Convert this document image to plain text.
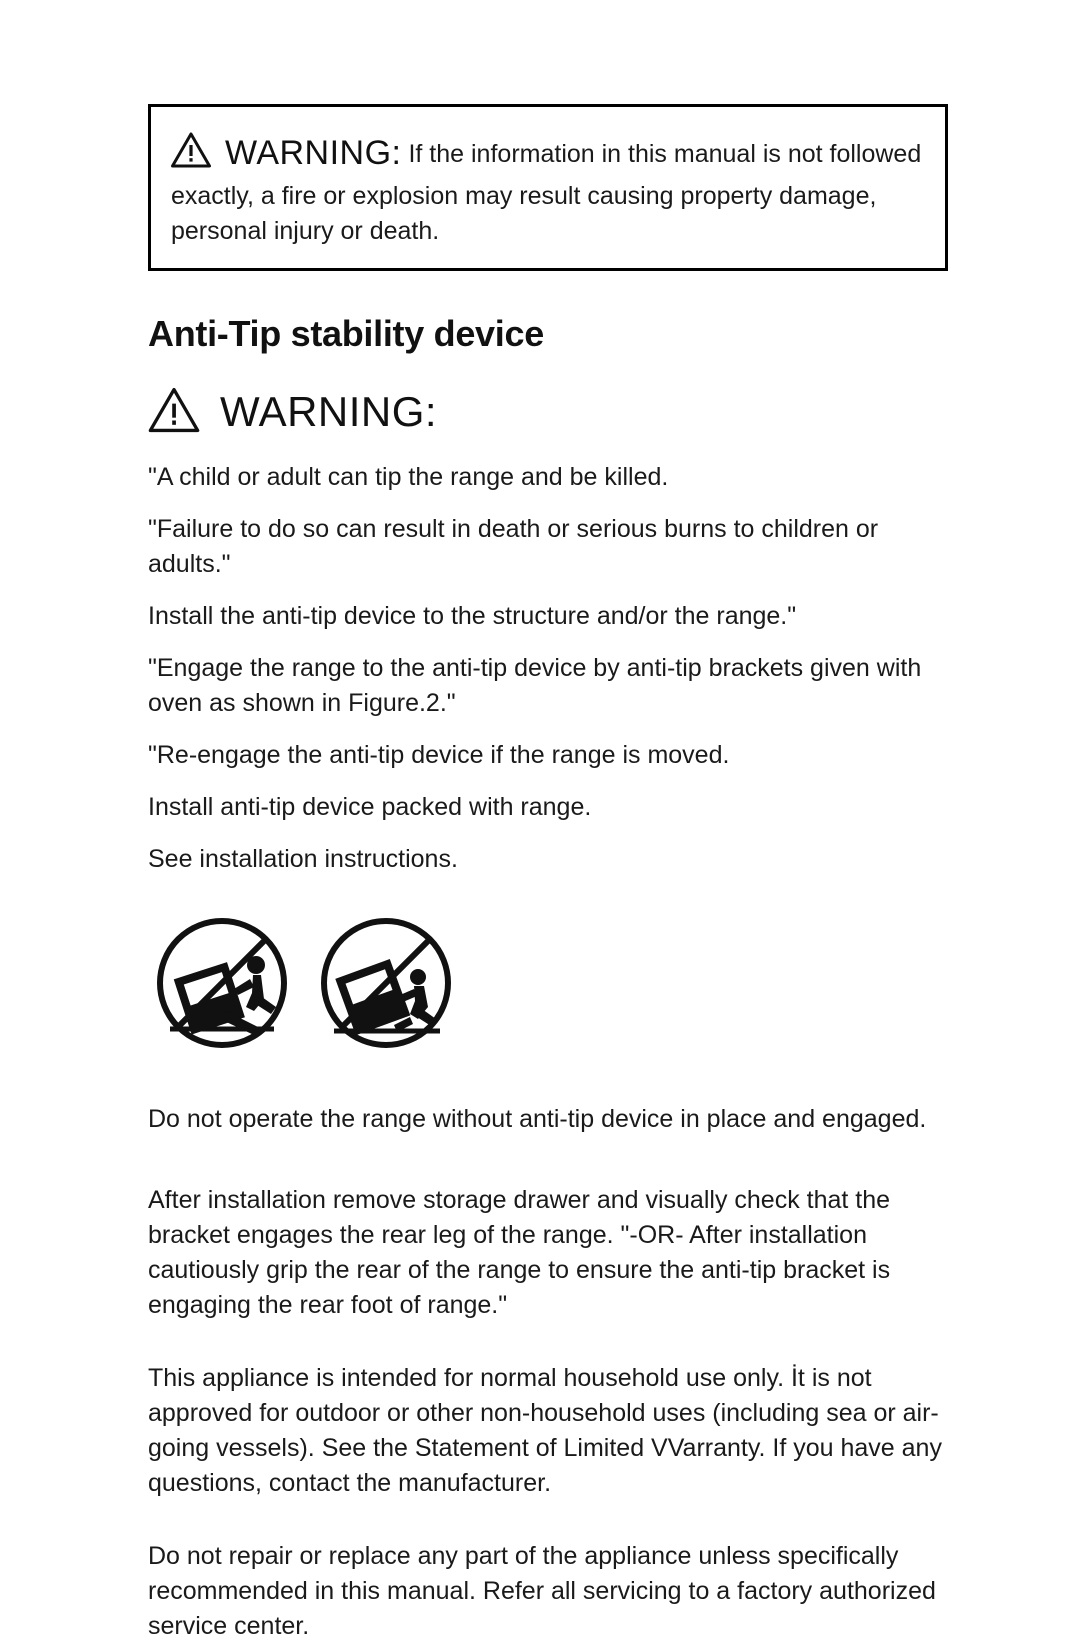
WARNING: If the information in this manual is not followed exactly, a fire or explosion may result causing property damage, personal injury or death.
Anti-Tip stability device
WARNING:

"A child or adult can tip the range and be killed.

"Failure to do so can result in death or serious burns to children or adults."

Install the anti-tip device to the structure and/or the range."

"Engage the range to the anti-tip device by anti-tip brackets given with oven as shown in Figure.2."

"Re-engage the anti-tip device if the range is moved.

Install anti-tip device packed with range.

See installation instructions.

Do not operate the range without anti-tip device in place and engaged.

After installation remove storage drawer and visually check that the bracket engages the rear leg of the range. "-OR- After installation cautiously grip the rear of the range to ensure the anti-tip bracket is engaging the rear foot of range."

This appliance is intended for normal household use only. İt is not approved for outdoor or other non-household uses (including sea or air-going vessels). See the Statement of Limited VVarranty. If you have any questions, contact the manufacturer.

Do not repair or replace any part of the appliance unless specifically recommended in this manual. Refer all servicing to a factory authorized service center.
